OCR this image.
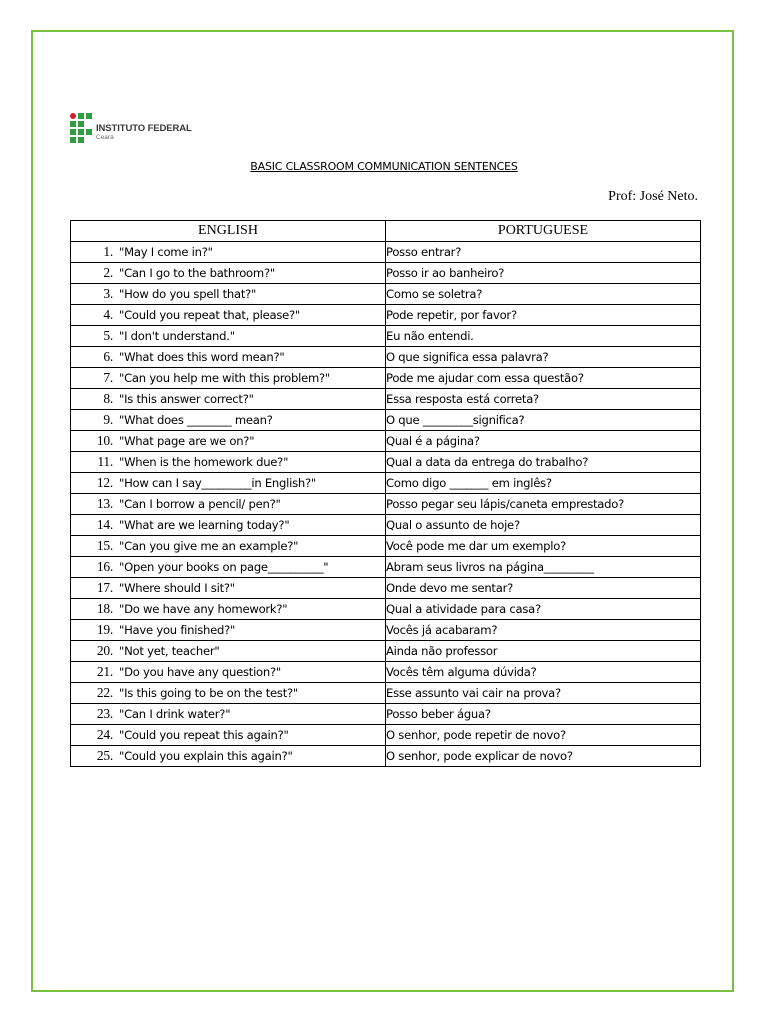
INSTITUTO FEDERAL
Ceará
BASIC CLASSROOM COMMUNICATION SENTENCES
Prof: José Neto.
ENGLISH	PORTUGUESE
1. "May I come in?"	Posso entrar?
2. "Can I go to the bathroom?"	Posso ir ao banheiro?
3. "How do you spell that?"	Como se soletra?
4. "Could you repeat that, please?"	Pode repetir, por favor?
5. "I don't understand."	Eu não entendi.
6. "What does this word mean?"	O que significa essa palavra?
7. "Can you help me with this problem?"	Pode me ajudar com essa questão?
8. "Is this answer correct?"	Essa resposta está correta?
9. "What does ________ mean?	O que _________significa?
10. "What page are we on?"	Qual é a página?
11. "When is the homework due?"	Qual a data da entrega do trabalho?
12. "How can I say_________in English?"	Como digo _______ em inglês?
13. "Can I borrow a pencil/ pen?"	Posso pegar seu lápis/caneta emprestado?
14. "What are we learning today?"	Qual o assunto de hoje?
15. "Can you give me an example?"	Você pode me dar um exemplo?
16. "Open your books on page__________"	Abram seus livros na página_________
17. "Where should I sit?"	Onde devo me sentar?
18. "Do we have any homework?"	Qual a atividade para casa?
19. "Have you finished?"	Vocês já acabaram?
20. "Not yet, teacher"	Ainda não professor
21. "Do you have any question?"	Vocês têm alguma dúvida?
22. "Is this going to be on the test?"	Esse assunto vai cair na prova?
23. "Can I drink water?"	Posso beber água?
24. "Could you repeat this again?"	O senhor, pode repetir de novo?
25. "Could you explain this again?"	O senhor, pode explicar de novo?
